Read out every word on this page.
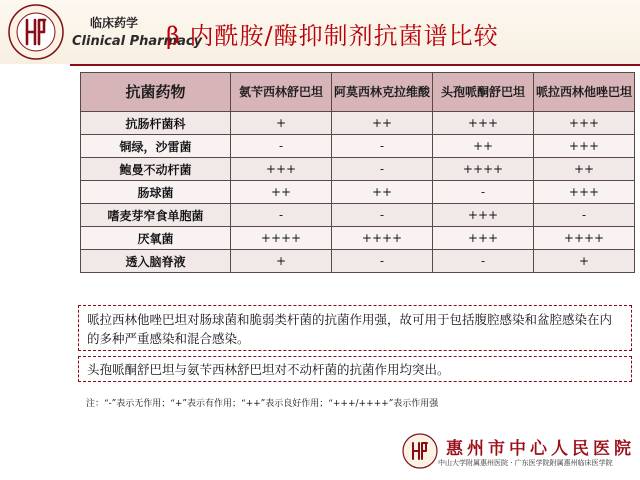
临床药学
Clinical Pharmacy
β 内酰胺/酶抑制剂抗菌谱比较
抗菌药物	氨苄西林舒巴坦	阿莫西林克拉维酸	头孢哌酮舒巴坦	哌拉西林他唑巴坦
抗肠杆菌科	+	++	+++	+++
铜绿，沙雷菌	-	-	++	+++
鲍曼不动杆菌	+++	-	++++	++
肠球菌	++	++	-	+++
嗜麦芽窄食单胞菌	-	-	+++	-
厌氧菌	++++	++++	+++	++++
透入脑脊液	+	-	-	+
哌拉西林他唑巴坦对肠球菌和脆弱类杆菌的抗菌作用强，故可用于包括腹腔感染和盆腔感染在内的多种严重感染和混合感染。
头孢哌酮舒巴坦与氨苄西林舒巴坦对不动杆菌的抗菌作用均突出。
注：“-”表示无作用；“+”表示有作用；“++”表示良好作用；“+++/++++”表示作用强
惠州市中心人民医院
中山大学附属惠州医院 · 广东医学院附属惠州临床医学院
